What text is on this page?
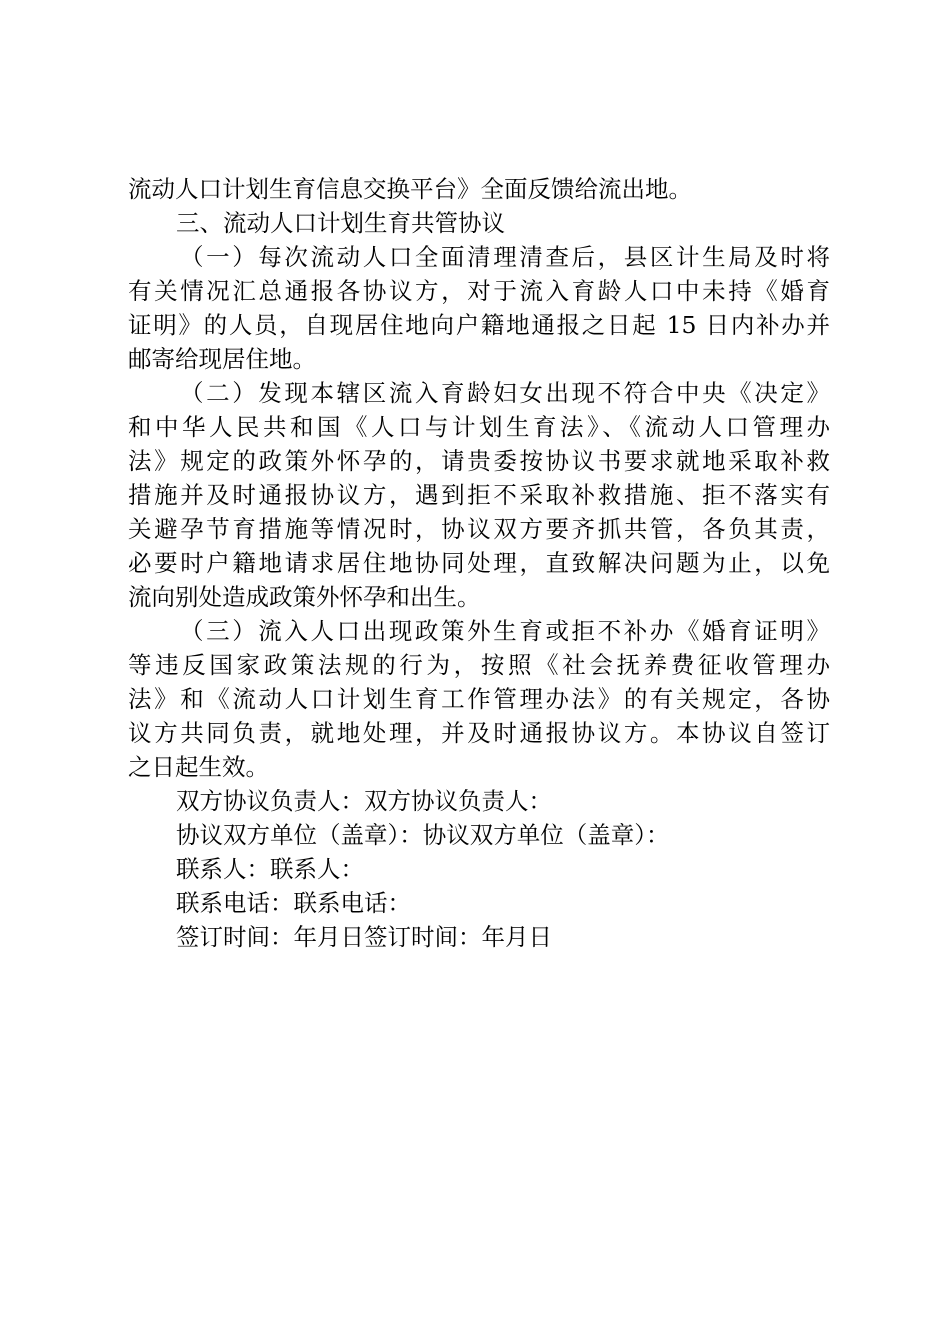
流动人口计划生育信息交换平台》全面反馈给流出地。
三、流动人口计划生育共管协议
（一）每次流动人口全面清理清查后，县区计生局及时将
有关情况汇总通报各协议方，对于流入育龄人口中未持《婚育
证明》的人员，自现居住地向户籍地通报之日起 15 日内补办并
邮寄给现居住地。
（二）发现本辖区流入育龄妇女出现不符合中央《决定》
和中华人民共和国《人口与计划生育法》、《流动人口管理办
法》规定的政策外怀孕的，请贵委按协议书要求就地采取补救
措施并及时通报协议方，遇到拒不采取补救措施、拒不落实有
关避孕节育措施等情况时，协议双方要齐抓共管，各负其责，
必要时户籍地请求居住地协同处理，直致解决问题为止，以免
流向别处造成政策外怀孕和出生。
（三）流入人口出现政策外生育或拒不补办《婚育证明》
等违反国家政策法规的行为，按照《社会抚养费征收管理办
法》和《流动人口计划生育工作管理办法》的有关规定，各协
议方共同负责，就地处理，并及时通报协议方。本协议自签订
之日起生效。
双方协议负责人：双方协议负责人：
协议双方单位（盖章）：协议双方单位（盖章）：
联系人：联系人：
联系电话：联系电话：
签订时间：年月日签订时间：年月日
